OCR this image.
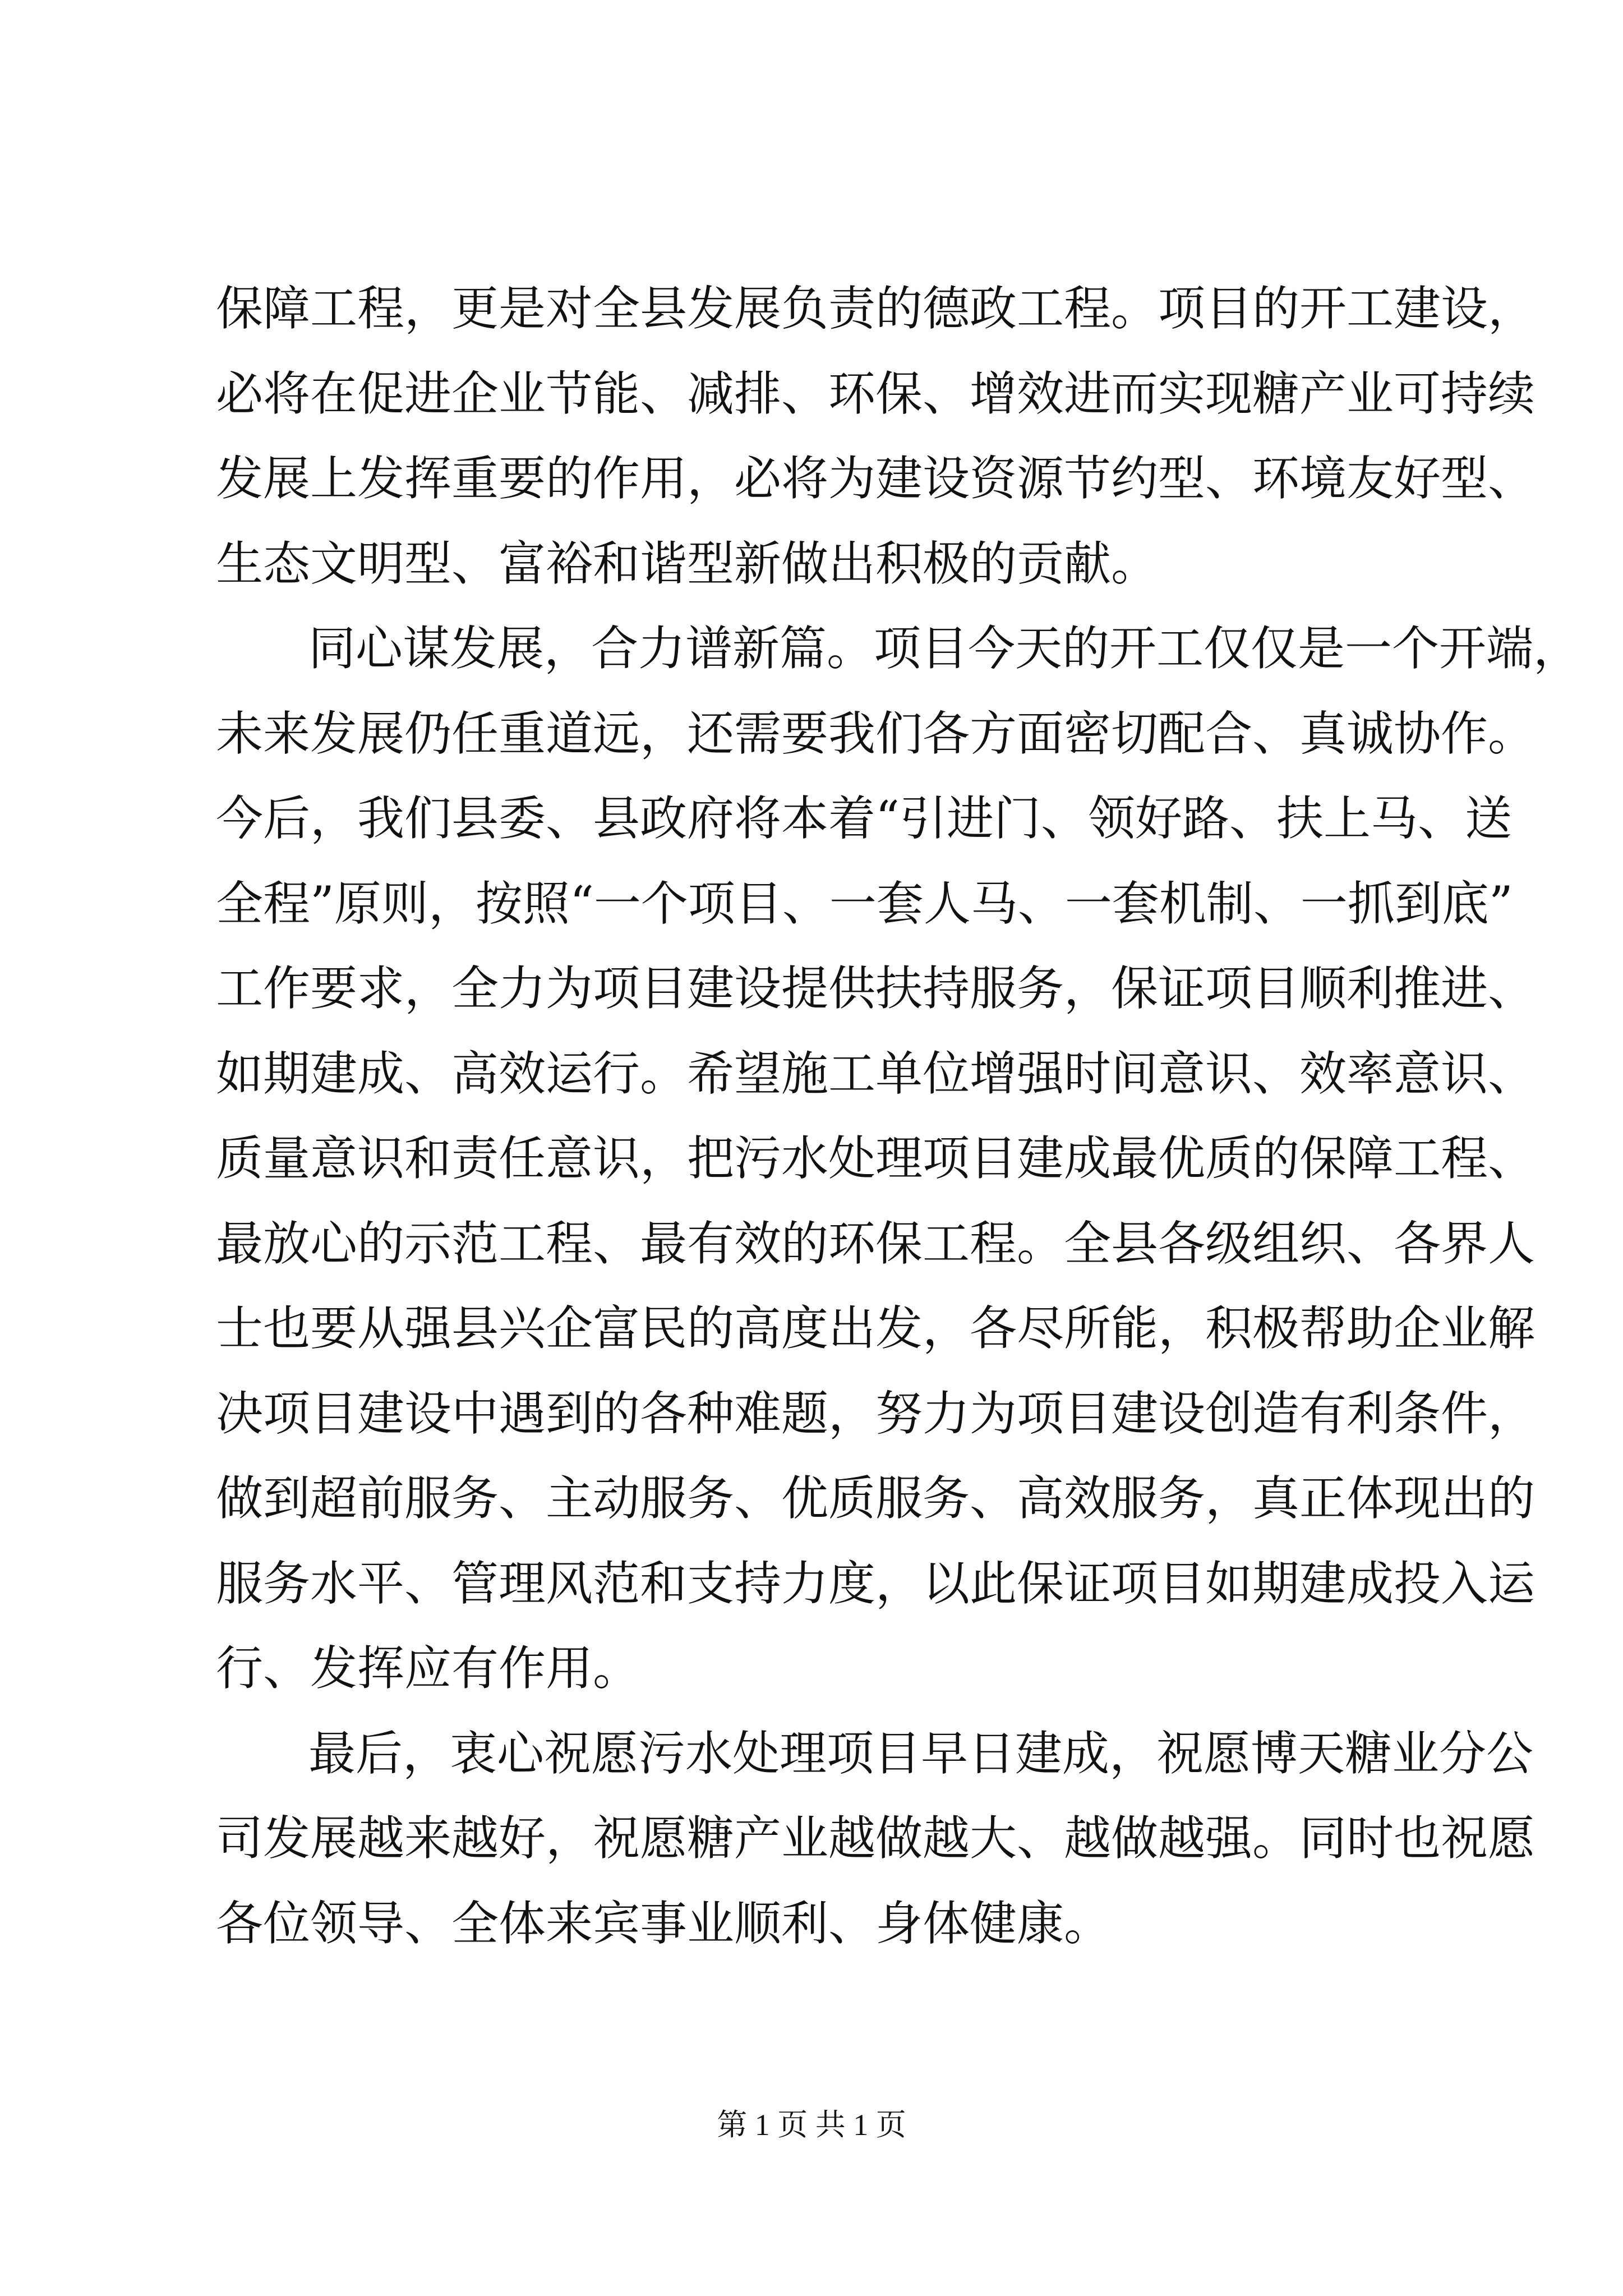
保障工程，更是对全县发展负责的德政工程。项目的开工建设，
必将在促进企业节能、减排、环保、增效进而实现糖产业可持续
发展上发挥重要的作用，必将为建设资源节约型、环境友好型、
生态文明型、富裕和谐型新做出积极的贡献。
同心谋发展，合力谱新篇。项目今天的开工仅仅是一个开端，
未来发展仍任重道远，还需要我们各方面密切配合、真诚协作。
今后，我们县委、县政府将本着“引进门、领好路、扶上马、送
全程”原则，按照“一个项目、一套人马、一套机制、一抓到底”
工作要求，全力为项目建设提供扶持服务，保证项目顺利推进、
如期建成、高效运行。希望施工单位增强时间意识、效率意识、
质量意识和责任意识，把污水处理项目建成最优质的保障工程、
最放心的示范工程、最有效的环保工程。全县各级组织、各界人
士也要从强县兴企富民的高度出发，各尽所能，积极帮助企业解
决项目建设中遇到的各种难题，努力为项目建设创造有利条件，
做到超前服务、主动服务、优质服务、高效服务，真正体现出的
服务水平、管理风范和支持力度，以此保证项目如期建成投入运
行、发挥应有作用。
最后，衷心祝愿污水处理项目早日建成，祝愿博天糖业分公
司发展越来越好，祝愿糖产业越做越大、越做越强。同时也祝愿
各位领导、全体来宾事业顺利、身体健康。
第 1 页 共 1 页
